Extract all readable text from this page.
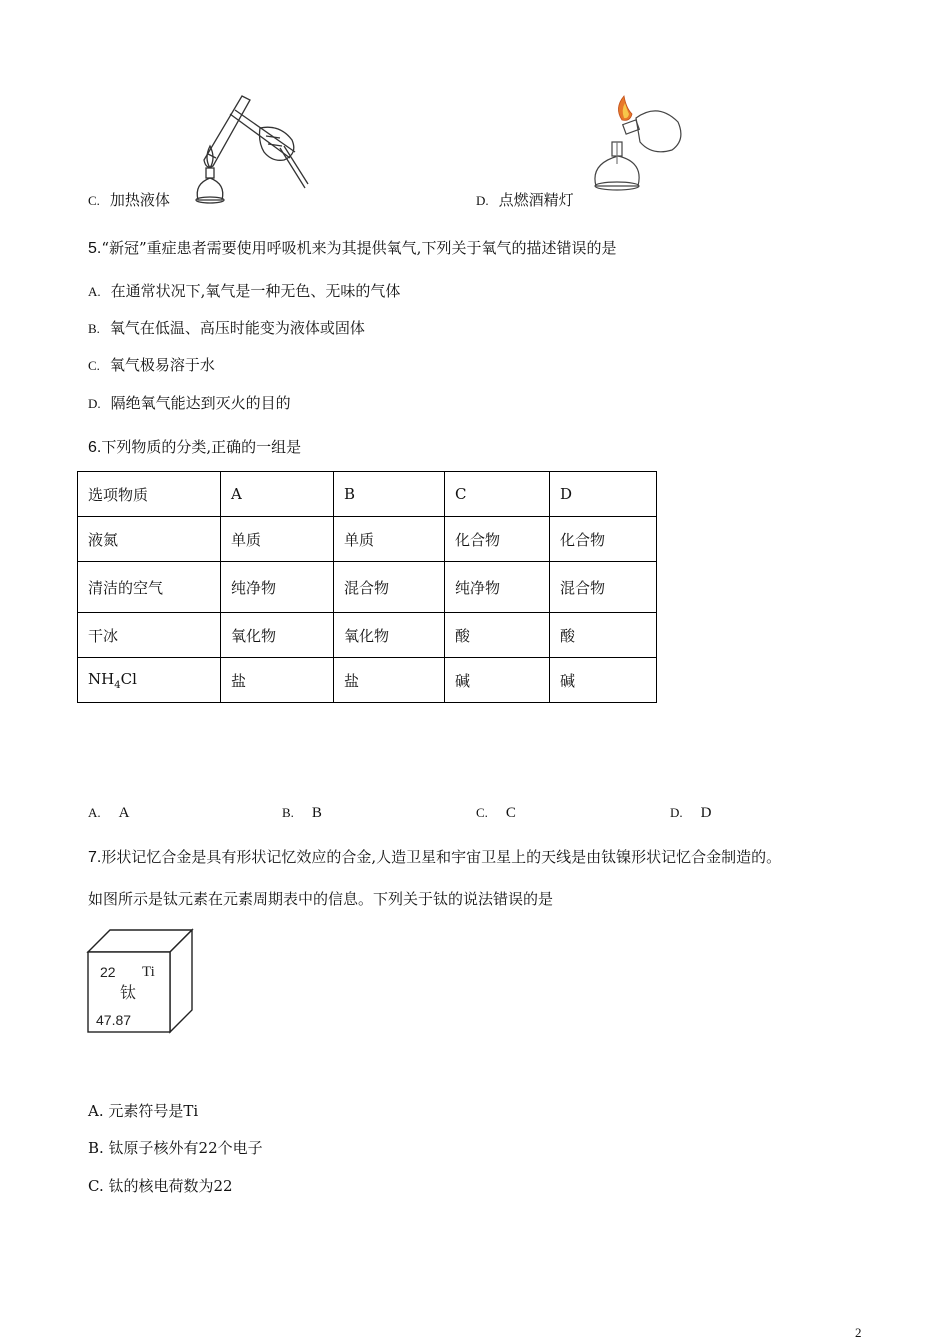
C. 加热液体	D. 点燃酒精灯
5.“新冠”重症患者需要使用呼吸机来为其提供氧气,下列关于氧气的描述错误的是
A. 在通常状况下,氧气是一种无色、无味的气体
B. 氧气在低温、高压时能变为液体或固体
C. 氧气极易溶于水
D. 隔绝氧气能达到灭火的目的
6.下列物质的分类,正确的一组是
选项物质	A	B	C	D
液氮	单质	单质	化合物	化合物
清洁的空气	纯净物	混合物	纯净物	混合物
干冰	氧化物	氧化物	酸	酸
$NH_4Cl$	盐	盐	碱	碱
A. A	B. B	C. C	D. D
7.形状记忆合金是具有形状记忆效应的合金,人造卫星和宇宙卫星上的天线是由钛镍形状记忆合金制造的。
如图所示是钛元素在元素周期表中的信息。下列关于钛的说法错误的是
22 Ti
钛
47.87
A. 元素符号是Ti
B. 钛原子核外有22个电子
C. 钛的核电荷数为22
2
